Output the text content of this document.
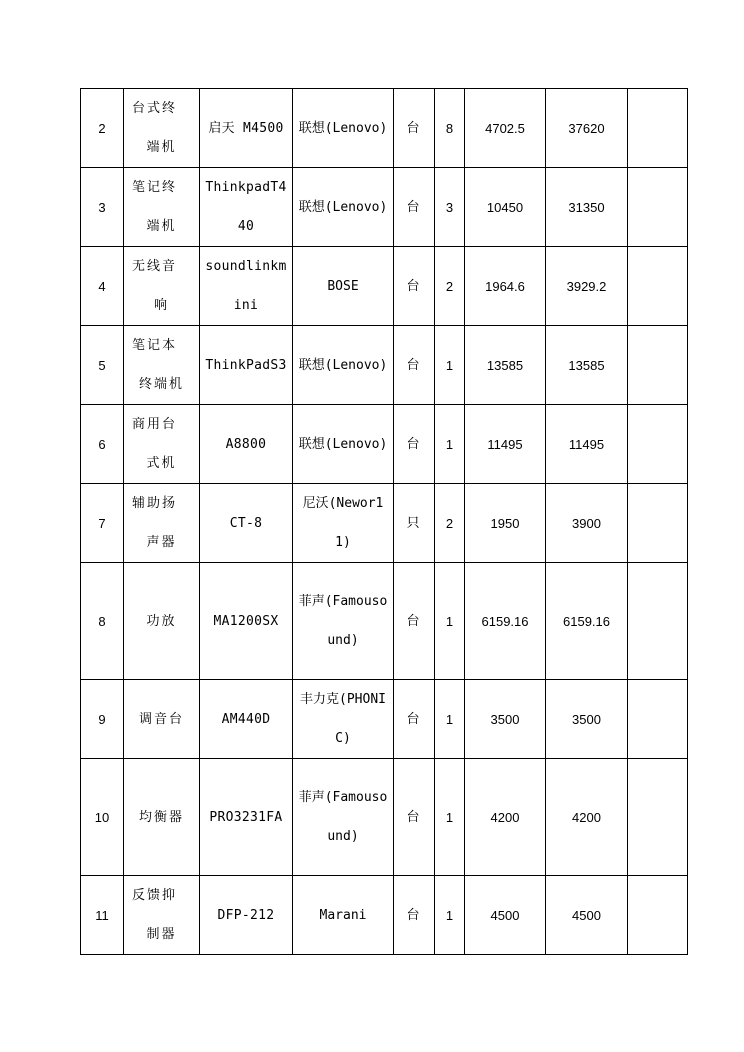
2	台式终端机	启天 M4500	联想(Lenovo)	台	8	4702.5	37620	
3	笔记终端机	ThinkpadT440	联想(Lenovo)	台	3	10450	31350	
4	无线音响	soundlinkmini	BOSE	台	2	1964.6	3929.2	
5	笔记本终端机	ThinkPadS3	联想(Lenovo)	台	1	13585	13585	
6	商用台式机	A8800	联想(Lenovo)	台	1	11495	11495	
7	辅助扬声器	CT-8	尼沃(Newor11)	只	2	1950	3900	
8	功放	MA1200SX	菲声(Famousound)	台	1	6159.16	6159.16	
9	调音台	AM440D	丰力克(PHONIC)	台	1	3500	3500	
10	均衡器	PRO3231FA	菲声(Famousound)	台	1	4200	4200	
11	反馈抑制器	DFP-212	Marani	台	1	4500	4500	
